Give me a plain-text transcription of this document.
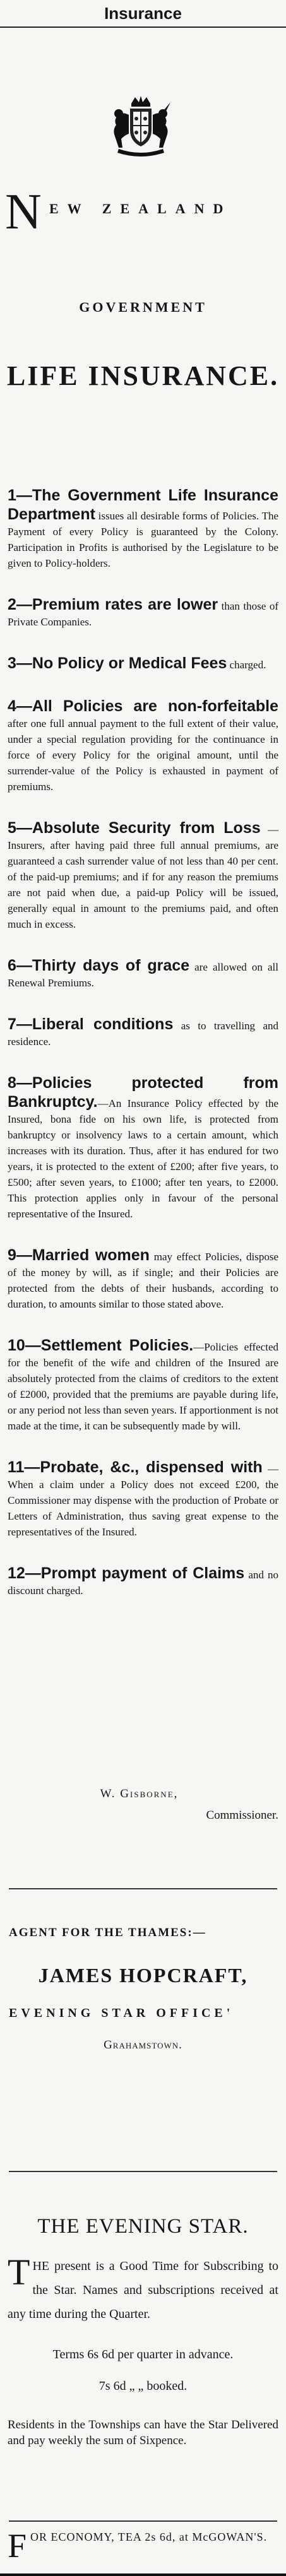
Insurance
N EW ZEALAND
GOVERNMENT
LIFE INSURANCE.

1—The Government Life Insurance Department issues all desirable forms of Policies. The Payment of every Policy is guaranteed by the Colony. Participation in Profits is authorised by the Legislature to be given to Policy-holders.

2—Premium rates are lower than those of Private Companies.

3—No Policy or Medical Fees charged.

4—All Policies are non-forfeitable after one full annual payment to the full extent of their value, under a special regulation providing for the continuance in force of every Policy for the original amount, until the surrender-value of the Policy is exhausted in payment of premiums.

5—Absolute Security from Loss —Insurers, after having paid three full annual premiums, are guaranteed a cash surrender value of not less than 40 per cent. of the paid-up premiums; and if for any reason the premiums are not paid when due, a paid-up Policy will be issued, generally equal in amount to the premiums paid, and often much in excess.

6—Thirty days of grace are allowed on all Renewal Premiums.

7—Liberal conditions as to travelling and residence.

8—Policies protected from Bankruptcy.—An Insurance Policy effected by the Insured, bona fide on his own life, is protected from bankruptcy or insolvency laws to a certain amount, which increases with its duration. Thus, after it has endured for two years, it is protected to the extent of £200; after five years, to £500; after seven years, to £1000; after ten years, to £2000. This protection applies only in favour of the personal representative of the Insured.

9—Married women may effect Policies, dispose of the money by will, as if single; and their Policies are protected from the debts of their husbands, according to duration, to amounts similar to those stated above.

10—Settlement Policies.—Policies effected for the benefit of the wife and children of the Insured are absolutely protected from the claims of creditors to the extent of £2000, provided that the premiums are payable during life, or any period not less than seven years. If apportionment is not made at the time, it can be subsequently made by will.

11—Probate, &c., dispensed with —When a claim under a Policy does not exceed £200, the Commissioner may dispense with the production of Probate or Letters of Administration, thus saving great expense to the representatives of the Insured.

12—Prompt payment of Claims and no discount charged.

W. Gisborne,
Commissioner.
AGENT FOR THE THAMES:—
JAMES HOPCRAFT,
EVENING STAR OFFICE'
Grahamstown.
THE EVENING STAR.
THE present is a Good Time for Subscribing to the Star. Names and subscriptions received at any time during the Quarter.
Terms 6s 6d per quarter in advance.
7s 6d „ „ booked.
Residents in the Townships can have the Star Delivered and pay weekly the sum of Sixpence.
F OR ECONOMY, TEA 2s 6d, at McGOWAN'S.
